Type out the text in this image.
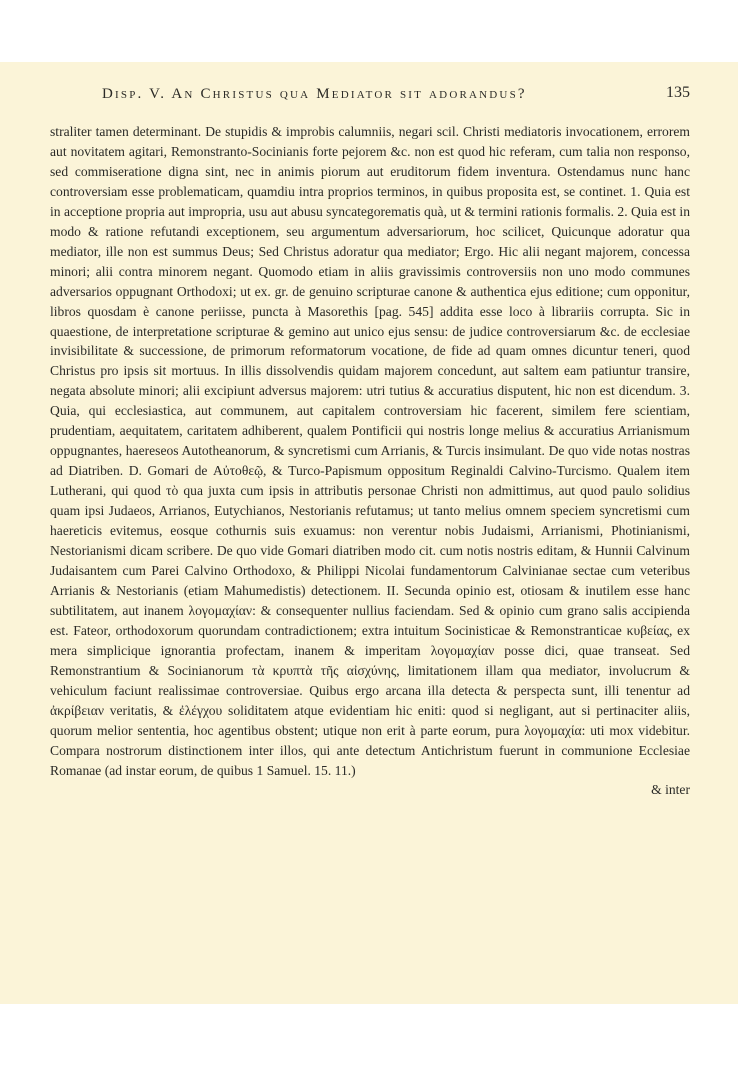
Disp. V. An Christus qua Mediator sit adorandus?	135

straliter tamen determinant. De stupidis & improbis calumniis, negari scil. Christi mediatoris invocationem, errorem aut novitatem agitari, Remonstranto-Socinianis forte pejorem &c. non est quod hic referam, cum talia non responso, sed commiseratione digna sint, nec in animis piorum aut eruditorum fidem inventura. Ostendamus nunc hanc controversiam esse problematicam, quamdiu intra proprios terminos, in quibus proposita est, se continet. 1. Quia est in acceptione propria aut impropria, usu aut abusu syncategorematis quà, ut & termini rationis formalis. 2. Quia est in modo & ratione refutandi exceptionem, seu argumentum adversariorum, hoc scilicet, Quicunque adoratur qua mediator, ille non est summus Deus; Sed Christus adoratur qua mediator; Ergo. Hic alii negant majorem, concessa minori; alii contra minorem negant. Quomodo etiam in aliis gravissimis controversiis non uno modo communes adversarios oppugnant Orthodoxi; ut ex. gr. de genuino scripturae canone & authentica ejus editione; cum opponitur, libros quosdam è canone periisse, puncta à Masorethis [pag. 545] addita esse loco à librariis corrupta. Sic in quaestione, de interpretatione scripturae & gemino aut unico ejus sensu: de judice controversiarum &c. de ecclesiae invisibilitate & successione, de primorum reformatorum vocatione, de fide ad quam omnes dicuntur teneri, quod Christus pro ipsis sit mortuus. In illis dissolvendis quidam majorem concedunt, aut saltem eam patiuntur transire, negata absolute minori; alii excipiunt adversus majorem: utri tutius & accuratius disputent, hic non est dicendum. 3. Quia, qui ecclesiastica, aut communem, aut capitalem controversiam hic facerent, similem fere scientiam, prudentiam, aequitatem, caritatem adhiberent, qualem Pontificii qui nostris longe melius & accuratius Arrianismum oppugnantes, haereseos Autotheanorum, & syncretismi cum Arrianis, & Turcis insimulant. De quo vide notas nostras ad Diatriben. D. Gomari de Αὐτοθεῷ, & Turco-Papismum oppositum Reginaldi Calvino-Turcismo. Qualem item Lutherani, qui quod τὸ qua juxta cum ipsis in attributis personae Christi non admittimus, aut quod paulo solidius quam ipsi Judaeos, Arrianos, Eutychianos, Nestorianis refutamus; ut tanto melius omnem speciem syncretismi cum haereticis evitemus, eosque cothurnis suis exuamus: non verentur nobis Judaismi, Arrianismi, Photinianismi, Nestorianismi dicam scribere. De quo vide Gomari diatriben modo cit. cum notis nostris editam, & Hunnii Calvinum Judaisantem cum Parei Calvino Orthodoxo, & Philippi Nicolai fundamentorum Calvinianae sectae cum veteribus Arrianis & Nestorianis (etiam Mahumedistis) detectionem. II. Secunda opinio est, otiosam & inutilem esse hanc subtilitatem, aut inanem λογομαχίαν: & consequenter nullius faciendam. Sed & opinio cum grano salis accipienda est. Fateor, orthodoxorum quorundam contradictionem; extra intuitum Socinisticae & Remonstranticae κυβείας, ex mera simplicique ignorantia profectam, inanem & imperitam λογομαχίαν posse dici, quae transeat. Sed Remonstrantium & Socinianorum τὰ κρυπτὰ τῆς αἰσχύνης, limitationem illam qua mediator, involucrum & vehiculum faciunt realissimae controversiae. Quibus ergo arcana illa detecta & perspecta sunt, illi tenentur ad ἀκρίβειαν veritatis, & ἐλέγχου soliditatem atque evidentiam hic eniti: quod si negligant, aut si pertinaciter aliis, quorum melior sententia, hoc agentibus obstent; utique non erit à parte eorum, pura λογομαχία: uti mox videbitur. Compara nostrorum distinctionem inter illos, qui ante detectum Antichristum fuerunt in communione Ecclesiae Romanae (ad instar eorum, de quibus 1 Samuel. 15. 11.)

& inter
